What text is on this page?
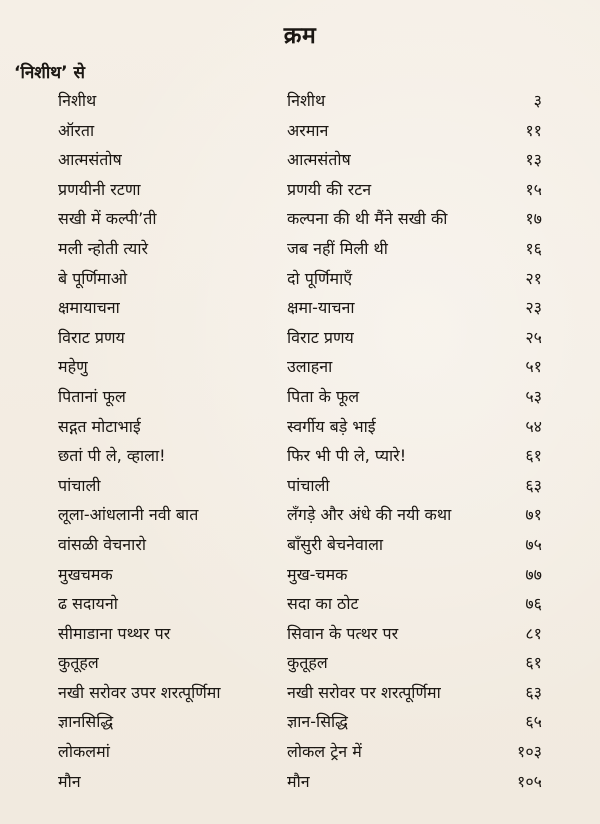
क्रम
‘निशीथ’ से
निशीथ	निशीथ	३
ऑरता	अरमान	११
आत्मसंतोष	आत्मसंतोष	१३
प्रणयीनी रटणा	प्रणयी की रटन	१५
सखी में कल्पी’ती	कल्पना की थी मैंने सखी की	१७
मली न्होती त्यारे	जब नहीं मिली थी	१६
बे पूर्णिमाओ	दो पूर्णिमाएँ	२१
क्षमायाचना	क्षमा-याचना	२३
विराट प्रणय	विराट प्रणय	२५
महेणु	उलाहना	५१
पितानां फूल	पिता के फूल	५३
सद्गत मोटाभाई	स्वर्गीय बड़े भाई	५४
छतां पी ले, व्हाला!	फिर भी पी ले, प्यारे!	६१
पांचाली	पांचाली	६३
लूला-आंधलानी नवी बात	लँगड़े और अंधे की नयी कथा	७१
वांसळी वेचनारो	बाँसुरी बेचनेवाला	७५
मुखचमक	मुख-चमक	७७
ढ सदायनो	सदा का ठोट	७६
सीमाडाना पथ्थर पर	सिवान के पत्थर पर	८१
कुतूहल	कुतूहल	६१
नखी सरोवर उपर शरत्पूर्णिमा	नखी सरोवर पर शरत्पूर्णिमा	६३
ज्ञानसिद्धि	ज्ञान-सिद्धि	६५
लोकलमां	लोकल ट्रेन में	१०३
मौन	मौन	१०५
